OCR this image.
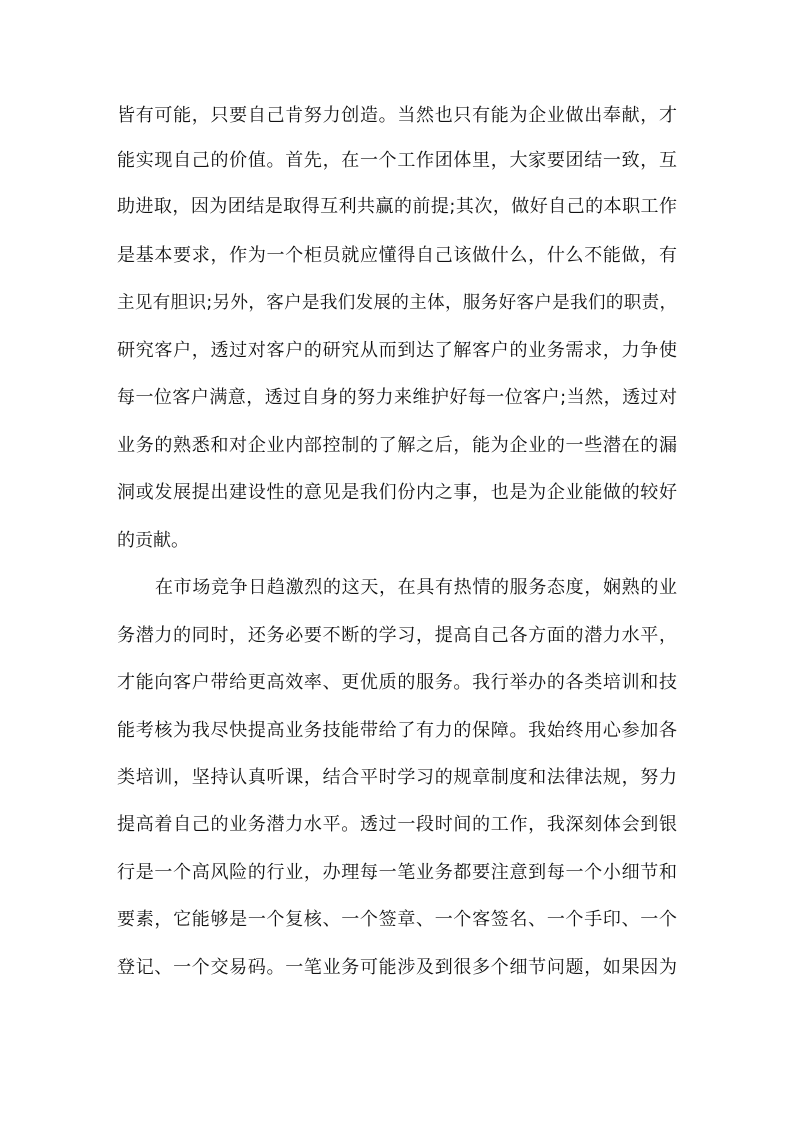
皆有可能，只要自己肯努力创造。当然也只有能为企业做出奉献，才
能实现自己的价值。首先，在一个工作团体里，大家要团结一致，互
助进取，因为团结是取得互利共赢的前提;其次，做好自己的本职工作
是基本要求，作为一个柜员就应懂得自己该做什么，什么不能做，有
主见有胆识;另外，客户是我们发展的主体，服务好客户是我们的职责，
研究客户，透过对客户的研究从而到达了解客户的业务需求，力争使
每一位客户满意，透过自身的努力来维护好每一位客户;当然，透过对
业务的熟悉和对企业内部控制的了解之后，能为企业的一些潜在的漏
洞或发展提出建设性的意见是我们份内之事，也是为企业能做的较好
的贡献。
在市场竞争日趋激烈的这天，在具有热情的服务态度，娴熟的业
务潜力的同时，还务必要不断的学习，提高自己各方面的潜力水平，
才能向客户带给更高效率、更优质的服务。我行举办的各类培训和技
能考核为我尽快提高业务技能带给了有力的保障。我始终用心参加各
类培训，坚持认真听课，结合平时学习的规章制度和法律法规，努力
提高着自己的业务潜力水平。透过一段时间的工作，我深刻体会到银
行是一个高风险的行业，办理每一笔业务都要注意到每一个小细节和
要素，它能够是一个复核、一个签章、一个客签名、一个手印、一个
登记、一个交易码。一笔业务可能涉及到很多个细节问题，如果因为
